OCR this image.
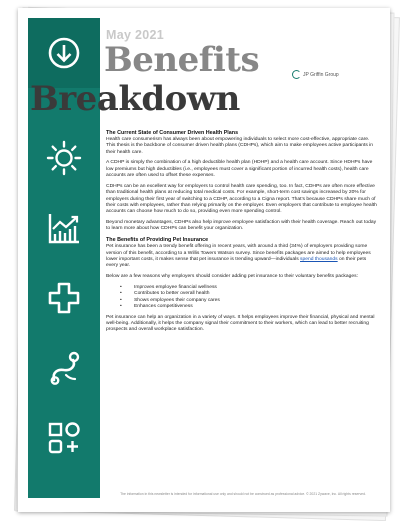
May 2021
Benefits
Breakdown
JP Griffin Group
The Current State of Consumer Driven Health Plans

Health care consumerism has always been about empowering individuals to select more cost-effective, appropriate care. This thesis is the backbone of consumer driven health plans (CDHPs), which aim to make employees active participants in their health care.

A CDHP is simply the combination of a high deductible health plan (HDHP) and a health care account. Since HDHPs have low premiums but high deductibles (i.e., employees must cover a significant portion of incurred health costs), health care accounts are often used to offset these expenses.

CDHPs can be an excellent way for employers to control health care spending, too. In fact, CDHPs are often more effective than traditional health plans at reducing total medical costs. For example, short-term cost savings increased by 20% for employers during their first year of switching to a CDHP, according to a Cigna report. That’s because CDHPs share much of their costs with employees, rather than relying primarily on the employer. Even employers that contribute to employee health accounts can choose how much to do so, providing even more spending control.

Beyond monetary advantages, CDHPs also help improve employee satisfaction with their health coverage. Reach out today to learn more about how CDHPs can benefit your organization.

The Benefits of Providing Pet Insurance

Pet insurance has been a trendy benefit offering in recent years, with around a third (34%) of employers providing some version of this benefit, according to a Willis Towers Watson survey. Since benefits packages are aimed to help employees lower important costs, it makes sense that pet insurance is trending upward—individuals spend thousands on their pets every year.

Below are a few reasons why employers should consider adding pet insurance to their voluntary benefits packages:

• Improves employee financial wellness
• Contributes to better overall health
• Shows employees their company cares
• Enhances competitiveness

Pet insurance can help an organization in a variety of ways. It helps employees improve their financial, physical and mental well-being. Additionally, it helps the company signal their commitment to their workers, which can lead to better recruiting prospects and overall workplace satisfaction.

The information in this newsletter is intended for informational use only and should not be construed as professional advice. © 2021 Zywave, Inc. All rights reserved.
